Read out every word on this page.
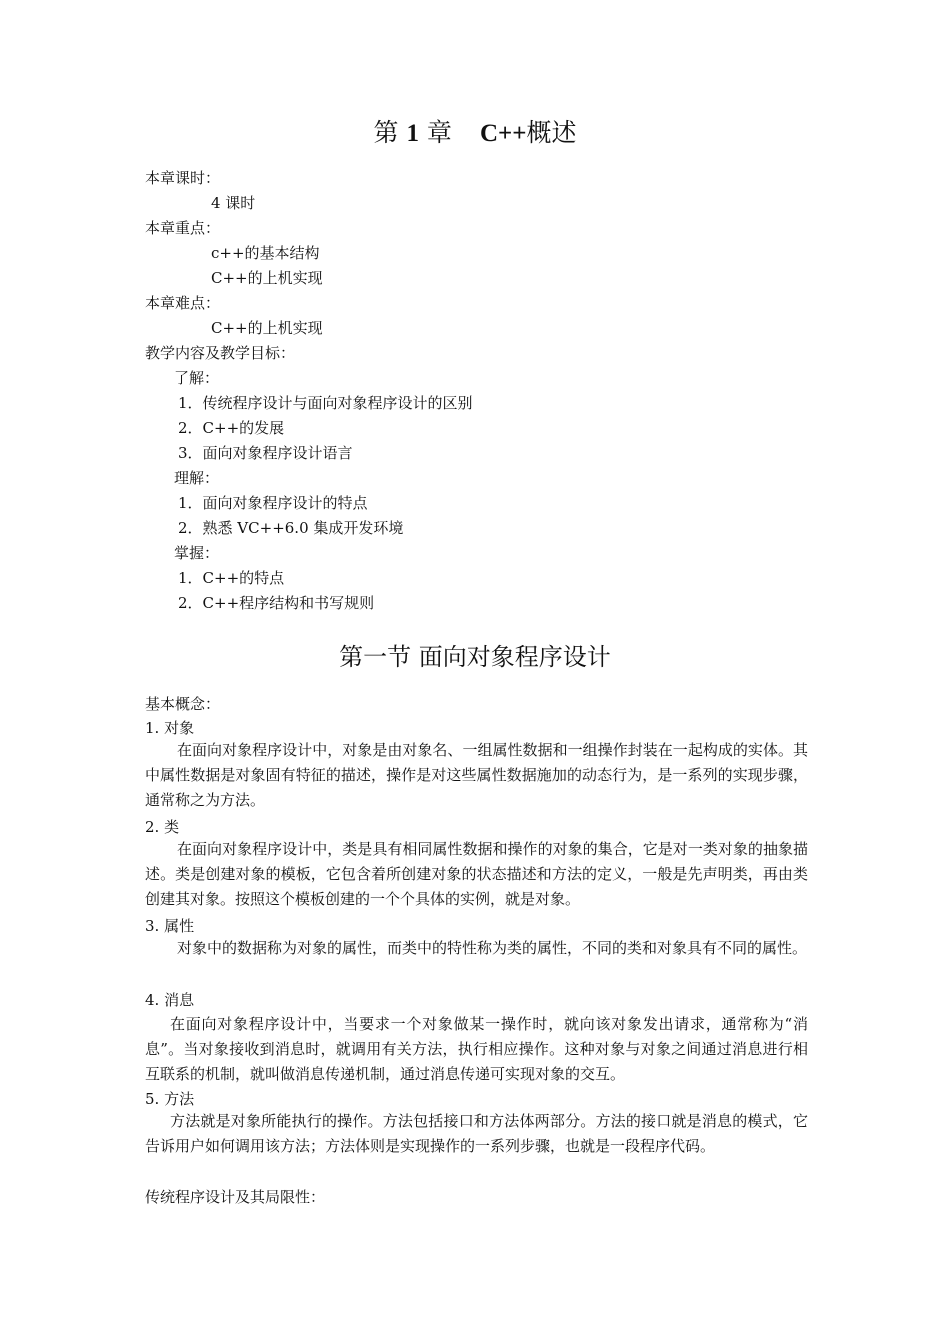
第 1 章 C++概述
本章课时：
4 课时
本章重点：
c++的基本结构
C++的上机实现
本章难点：
C++的上机实现
教学内容及教学目标：
了解：
1．传统程序设计与面向对象程序设计的区别
2．C++的发展
3．面向对象程序设计语言
理解：
1．面向对象程序设计的特点
2．熟悉 VC++6.0 集成开发环境
掌握：
1．C++的特点
2．C++程序结构和书写规则
第一节 面向对象程序设计
基本概念：
1. 对象
在面向对象程序设计中，对象是由对象名、一组属性数据和一组操作封装在一起构成的实体。其中属性数据是对象固有特征的描述，操作是对这些属性数据施加的动态行为，是一系列的实现步骤，通常称之为方法。
2. 类
在面向对象程序设计中，类是具有相同属性数据和操作的对象的集合，它是对一类对象的抽象描述。类是创建对象的模板，它包含着所创建对象的状态描述和方法的定义，一般是先声明类，再由类创建其对象。按照这个模板创建的一个个具体的实例，就是对象。
3. 属性
对象中的数据称为对象的属性，而类中的特性称为类的属性，不同的类和对象具有不同的属性。
4. 消息
在面向对象程序设计中，当要求一个对象做某一操作时，就向该对象发出请求，通常称为“消息”。当对象接收到消息时，就调用有关方法，执行相应操作。这种对象与对象之间通过消息进行相互联系的机制，就叫做消息传递机制，通过消息传递可实现对象的交互。
5. 方法
方法就是对象所能执行的操作。方法包括接口和方法体两部分。方法的接口就是消息的模式，它告诉用户如何调用该方法；方法体则是实现操作的一系列步骤，也就是一段程序代码。
传统程序设计及其局限性：
